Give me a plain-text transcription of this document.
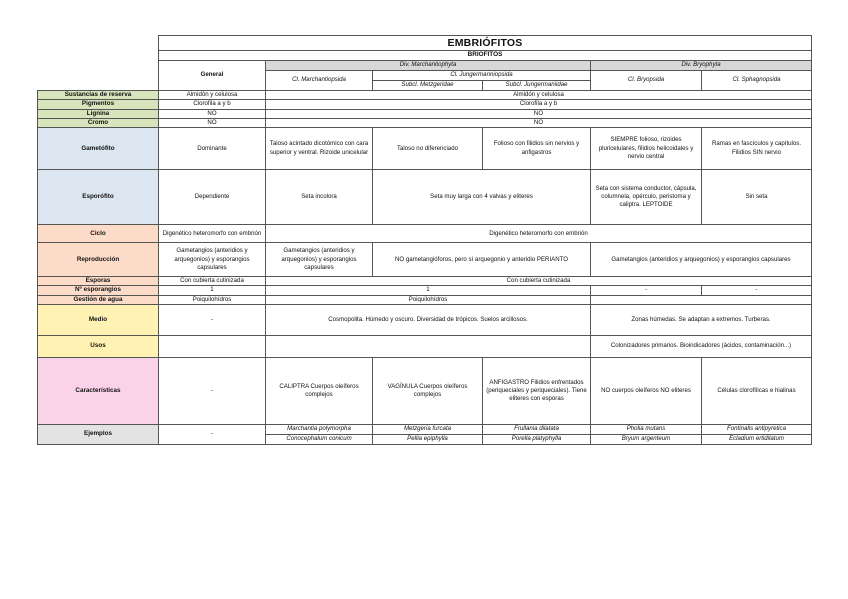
	EMBRIÓFITOS					
	BRIÓFITOS					
	General	Div. Marchantiophyta			Div. Bryophyta	
		Cl. Marchantiopsida	Cl. Jungermanniopsida		Cl. Bryopsida	Cl. Sphagnopsida
			Subcl. Metzgeridae	Subcl. Jungermaniidae		
Sustancias de reserva	Almidón y celulosa	Almidón y celulosa				
Pigmentos	Clorofila a y b	Clorofila a y b				
Lignina	NO	NO				
Cromo	NO	NO				
Gametófito	Dominante	Taloso acintado dicotómico con cara superior y ventral. Rizoide unicelular	Taloso no diferenciado	Folioso con filidios sin nervios y anfigastros	SIEMPRE folioso, rizoides pluricelulares, filidios helicoidales y nervio central	Ramas en fascículos y capítulos. Filidios SIN nervio
Esporófito	Dependiente	Seta incolora	Seta muy larga con 4 valvas y eliteres		Seta con sistema conductor, cápsula, columnela, opérculo, peristoma y caliptra. LEPTOIDE	Sin seta
Ciclo	Digenético heteromorfo con embrión	Digenético heteromorfo con embrión				
Reproducción	Gametangios (anteridios y arquegonios) y esporangios capsulares	Gametangios (anteridios y arquegonios) y esporangios capsulares	NO gametangióforos, pero sí arquegonio y anteridio PERIANTO		Gametangios (anteridios y arquegonios) y esporangios capsulares	
Esporas	Con cubierta cutinizada	Con cubierta cutinizada				
Nº esporangios	1	1			-	-
Gestión de agua	Poiquilohídros	Poiquilohídros				
Medio	-	Cosmopolita. Húmedo y oscuro. Diversidad de trópicos. Suelos arcillosos.			Zonas húmedas. Se adaptan a extremos. Turberas.	
Usos					Colonizadores primarios. Bioindicadores (ácidos, contaminación...)	
Características	-	CALIPTRA Cuerpos oleíferos complejos	VAGÍNULA Cuerpos oleíferos complejos	ANFIGASTRO Filidios enfrentados (periqueciales y periqueciales). Tiene eliteres con esporas	NO cuerpos oleíferos NO eliteres	Células clorofílicas e hialinas
Ejemplos	-	Marchantia polymorpha	Metzgeria furcata	Frullania dilatata	Pholia mutans	Fontinalis antipyretica
		Conocephalum conicum	Pellia epiphylla	Porella platyphylla	Bryum argenteum	Ecladium ertidilatum
